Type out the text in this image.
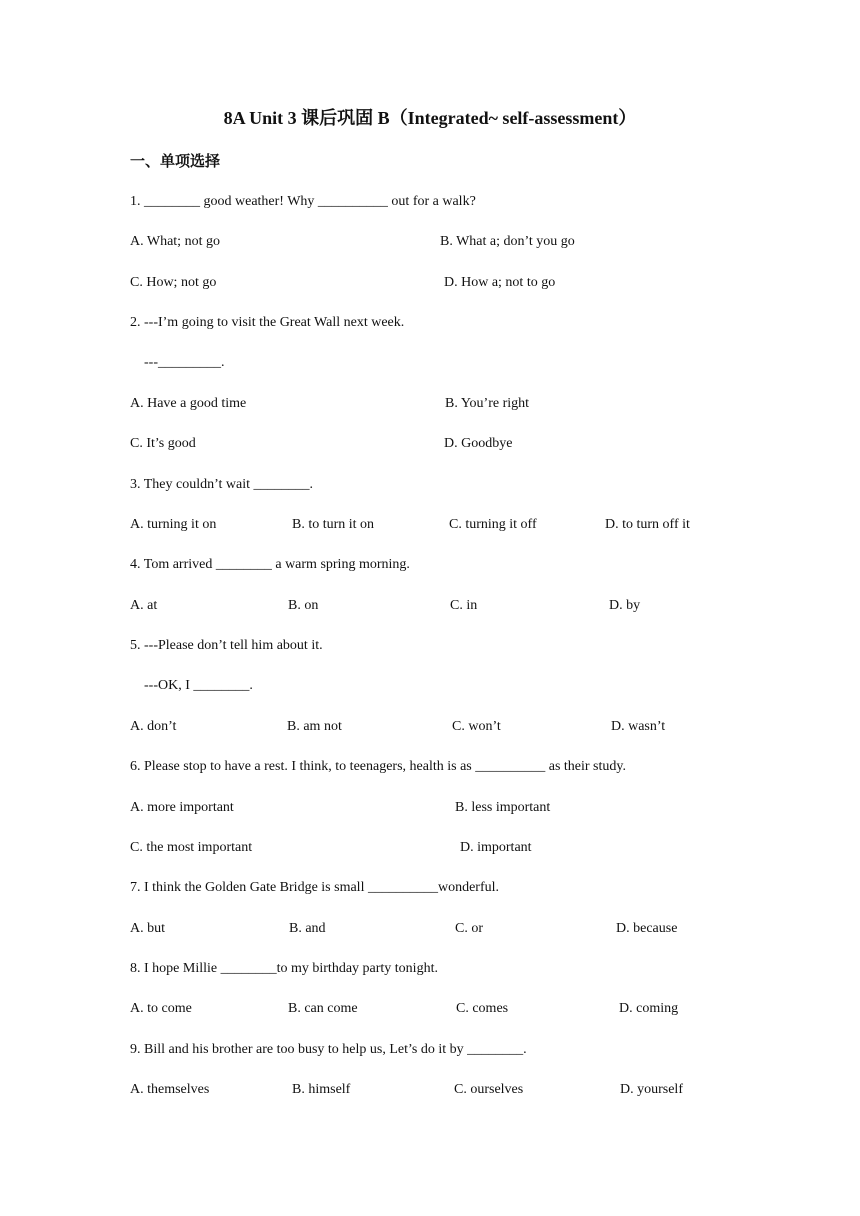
8A Unit 3 课后巩固 B（Integrated~ self-assessment）
一、单项选择
1. ________ good weather! Why __________ out for a walk?
A. What; not go	B. What a; don’t you go
C. How; not go	D. How a; not to go
2. ---I’m going to visit the Great Wall next week.
---_________.
A. Have a good time	B. You’re right
C. It’s good	D. Goodbye
3. They couldn’t wait ________.
A. turning it on	B. to turn it on	C. turning it off	D. to turn off it
4. Tom arrived ________ a warm spring morning.
A. at	B. on	C. in	D. by
5. ---Please don’t tell him about it.
---OK, I ________.
A. don’t	B. am not	C. won’t	D. wasn’t
6. Please stop to have a rest. I think, to teenagers, health is as __________ as their study.
A. more important	B. less important
C. the most important	D. important
7. I think the Golden Gate Bridge is small __________wonderful.
A. but	B. and	C. or	D. because
8. I hope Millie ________to my birthday party tonight.
A. to come	B. can come	C. comes	D. coming
9. Bill and his brother are too busy to help us, Let’s do it by ________.
A. themselves	B. himself	C. ourselves	D. yourself
